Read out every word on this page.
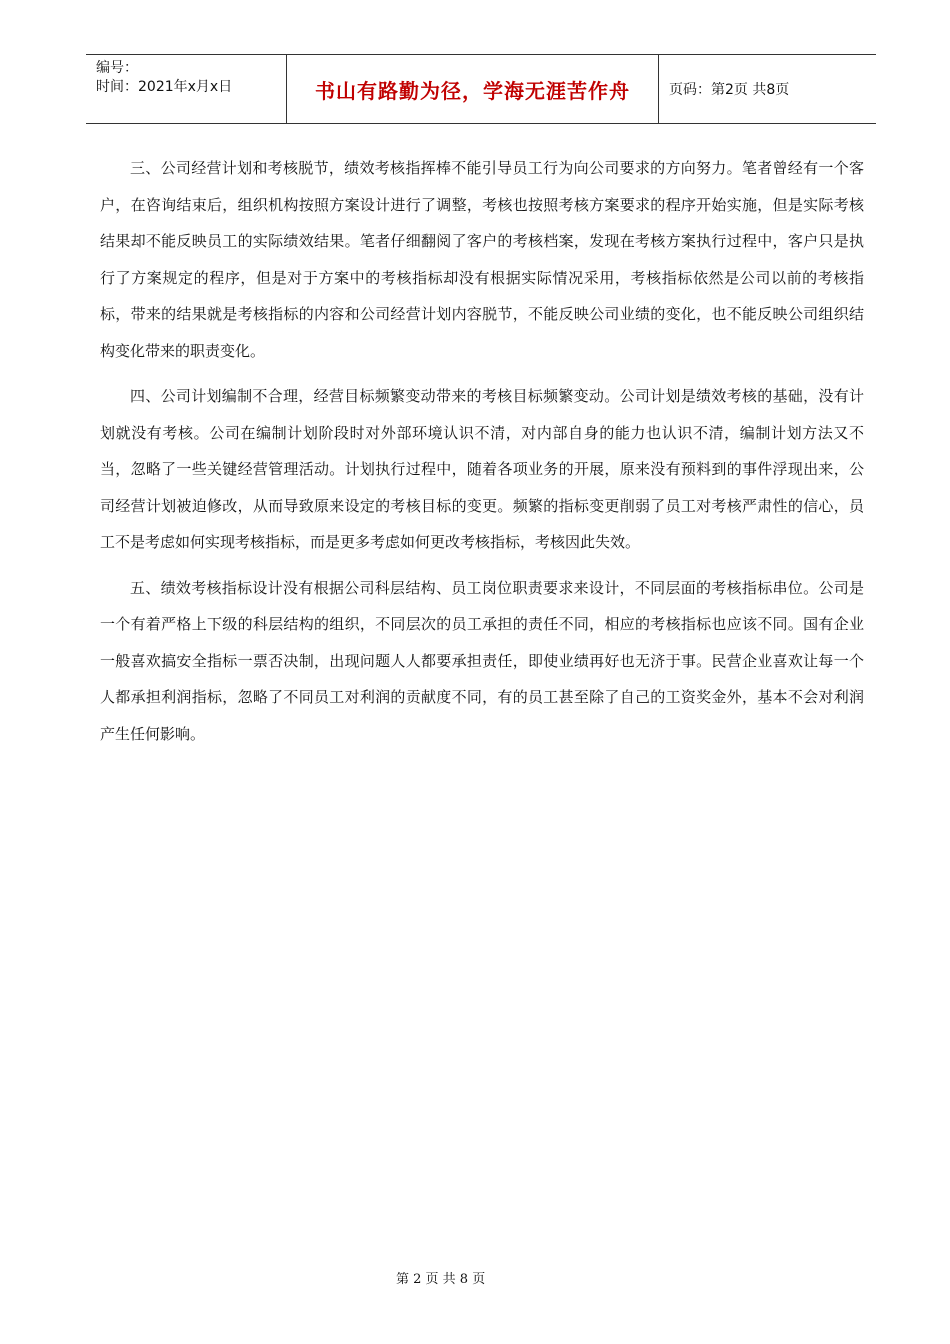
编号：
时间：2021年x月x日	书山有路勤为径，学海无涯苦作舟	页码：第2页 共8页

三、公司经营计划和考核脱节，绩效考核指挥棒不能引导员工行为向公司要求的方向努力。笔者曾经有一个客户，在咨询结束后，组织机构按照方案设计进行了调整，考核也按照考核方案要求的程序开始实施，但是实际考核结果却不能反映员工的实际绩效结果。笔者仔细翻阅了客户的考核档案，发现在考核方案执行过程中，客户只是执行了方案规定的程序，但是对于方案中的考核指标却没有根据实际情况采用，考核指标依然是公司以前的考核指标，带来的结果就是考核指标的内容和公司经营计划内容脱节，不能反映公司业绩的变化，也不能反映公司组织结构变化带来的职责变化。

四、公司计划编制不合理，经营目标频繁变动带来的考核目标频繁变动。公司计划是绩效考核的基础，没有计划就没有考核。公司在编制计划阶段时对外部环境认识不清，对内部自身的能力也认识不清，编制计划方法又不当，忽略了一些关键经营管理活动。计划执行过程中，随着各项业务的开展，原来没有预料到的事件浮现出来，公司经营计划被迫修改，从而导致原来设定的考核目标的变更。频繁的指标变更削弱了员工对考核严肃性的信心，员工不是考虑如何实现考核指标，而是更多考虑如何更改考核指标，考核因此失效。

五、绩效考核指标设计没有根据公司科层结构、员工岗位职责要求来设计，不同层面的考核指标串位。公司是一个有着严格上下级的科层结构的组织，不同层次的员工承担的责任不同，相应的考核指标也应该不同。国有企业一般喜欢搞安全指标一票否决制，出现问题人人都要承担责任，即使业绩再好也无济于事。民营企业喜欢让每一个人都承担利润指标，忽略了不同员工对利润的贡献度不同，有的员工甚至除了自己的工资奖金外，基本不会对利润产生任何影响。

第 2 页 共 8 页
